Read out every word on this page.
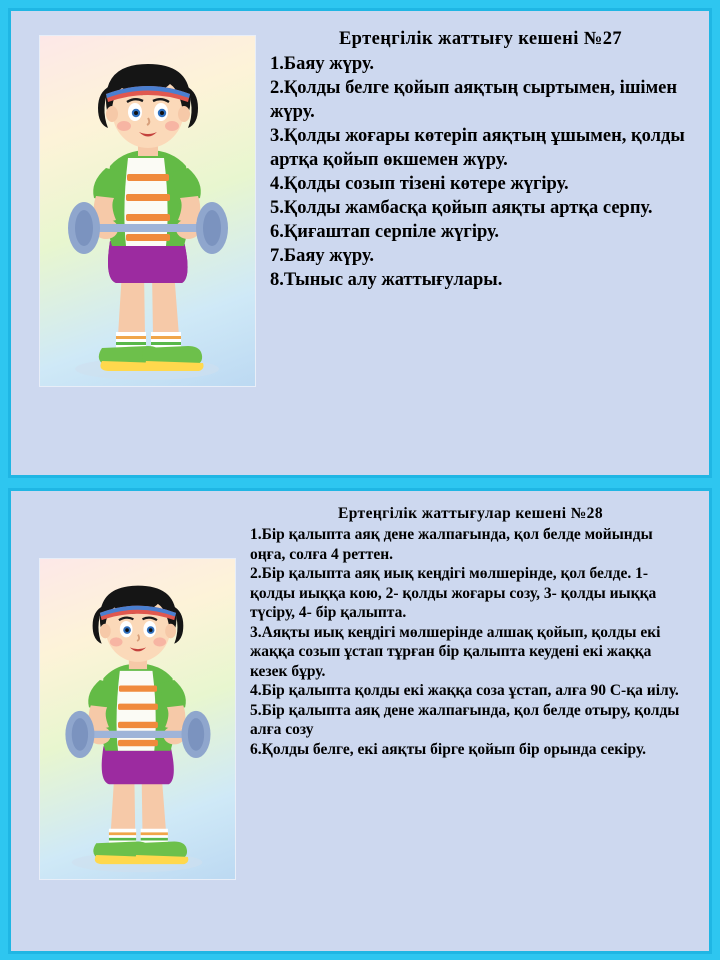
Ертеңгілік жаттығу кешені №27
1.Баяу жүру.
2.Қолды белге қойып аяқтың сыртымен, ішімен жүру.
3.Қолды жоғары көтеріп аяқтың ұшымен, қолды артқа қойып өкшемен жүру.
4.Қолды созып тізені көтере жүгіру.
5.Қолды жамбасқа қойып аяқты артқа серпу.
6.Қиғаштап серпіле жүгіру.
7.Баяу жүру.
8.Тыныс алу жаттығулары.
Ертеңгілік жаттығулар кешені №28
1.Бір қалыпта аяқ дене жалпағында, қол белде мойынды оңға, солға 4 реттен.
2.Бір қалыпта аяқ иық кеңдігі мөлшерінде, қол белде. 1- қолды иыққа кою, 2- қолды жоғары созу, 3- қолды иыққа түсіру, 4- бір қалыпта.
3.Аяқты иық кеңдігі мөлшерінде алшақ қойып, қолды екі жаққа созып ұстап тұрған бір қалыпта кеудені екі жаққа кезек бұру.
4.Бір қалыпта қолды екі жаққа соза ұстап, алға 90 С-қа иілу.
5.Бір қалыпта аяқ дене жалпағында, қол белде отыру, қолды алға созу
6.Қолды белге, екі аяқты бірге қойып бір орында секіру.
